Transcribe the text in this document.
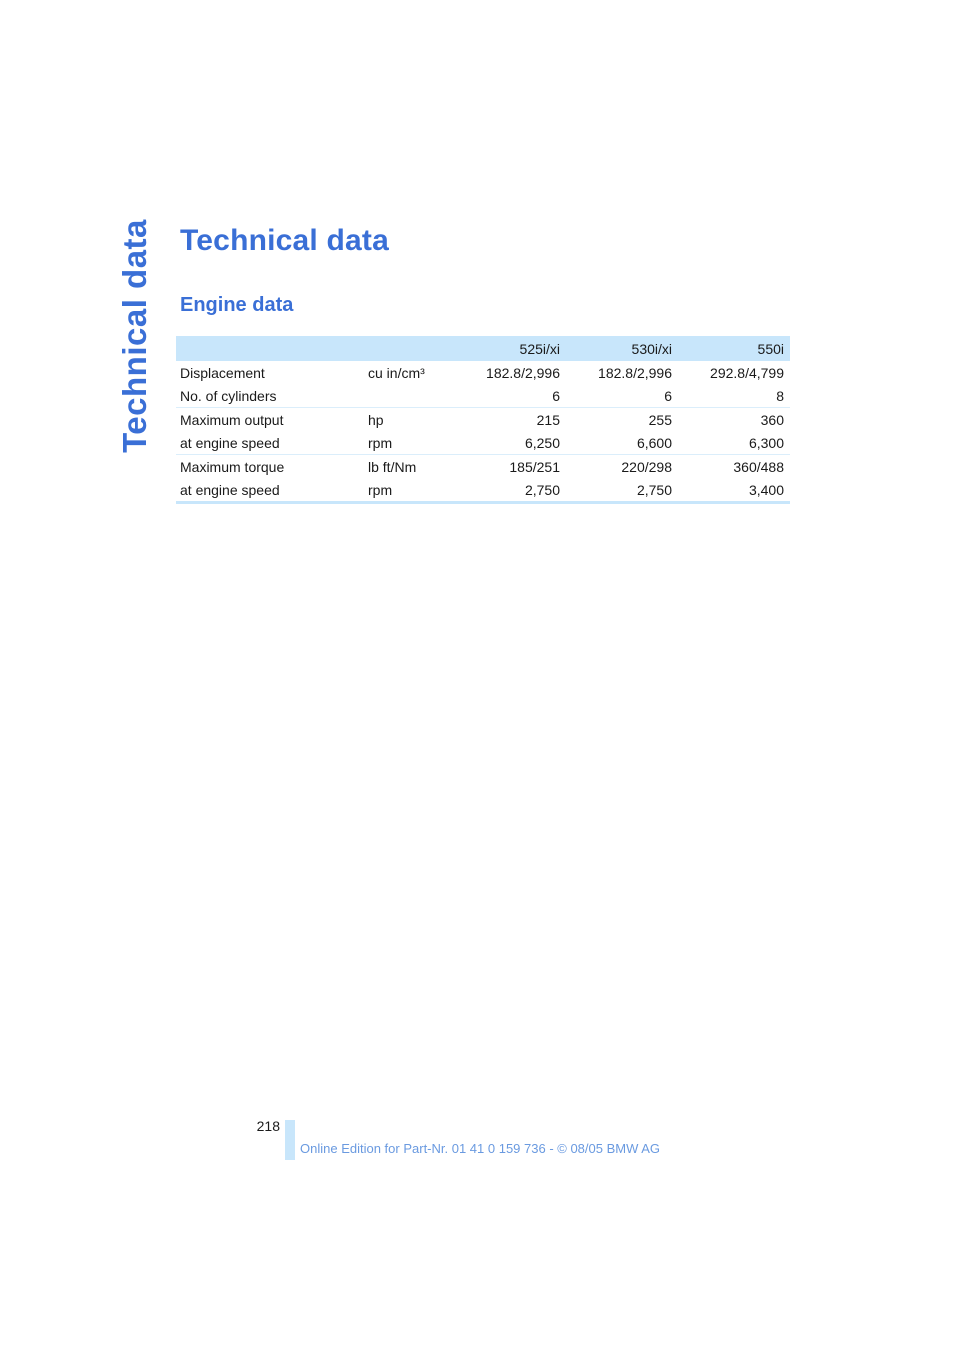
Technical data Technical data
Engine data
		525i/xi	530i/xi	550i
Displacement	cu in/cm³	182.8/2,996	182.8/2,996	292.8/4,799
No. of cylinders		6	6	8
Maximum output	hp	215	255	360
at engine speed	rpm	6,250	6,600	6,300
Maximum torque	lb ft/Nm	185/251	220/298	360/488
at engine speed	rpm	2,750	2,750	3,400
218
Online Edition for Part-Nr. 01 41 0 159 736 - © 08/05 BMW AG
